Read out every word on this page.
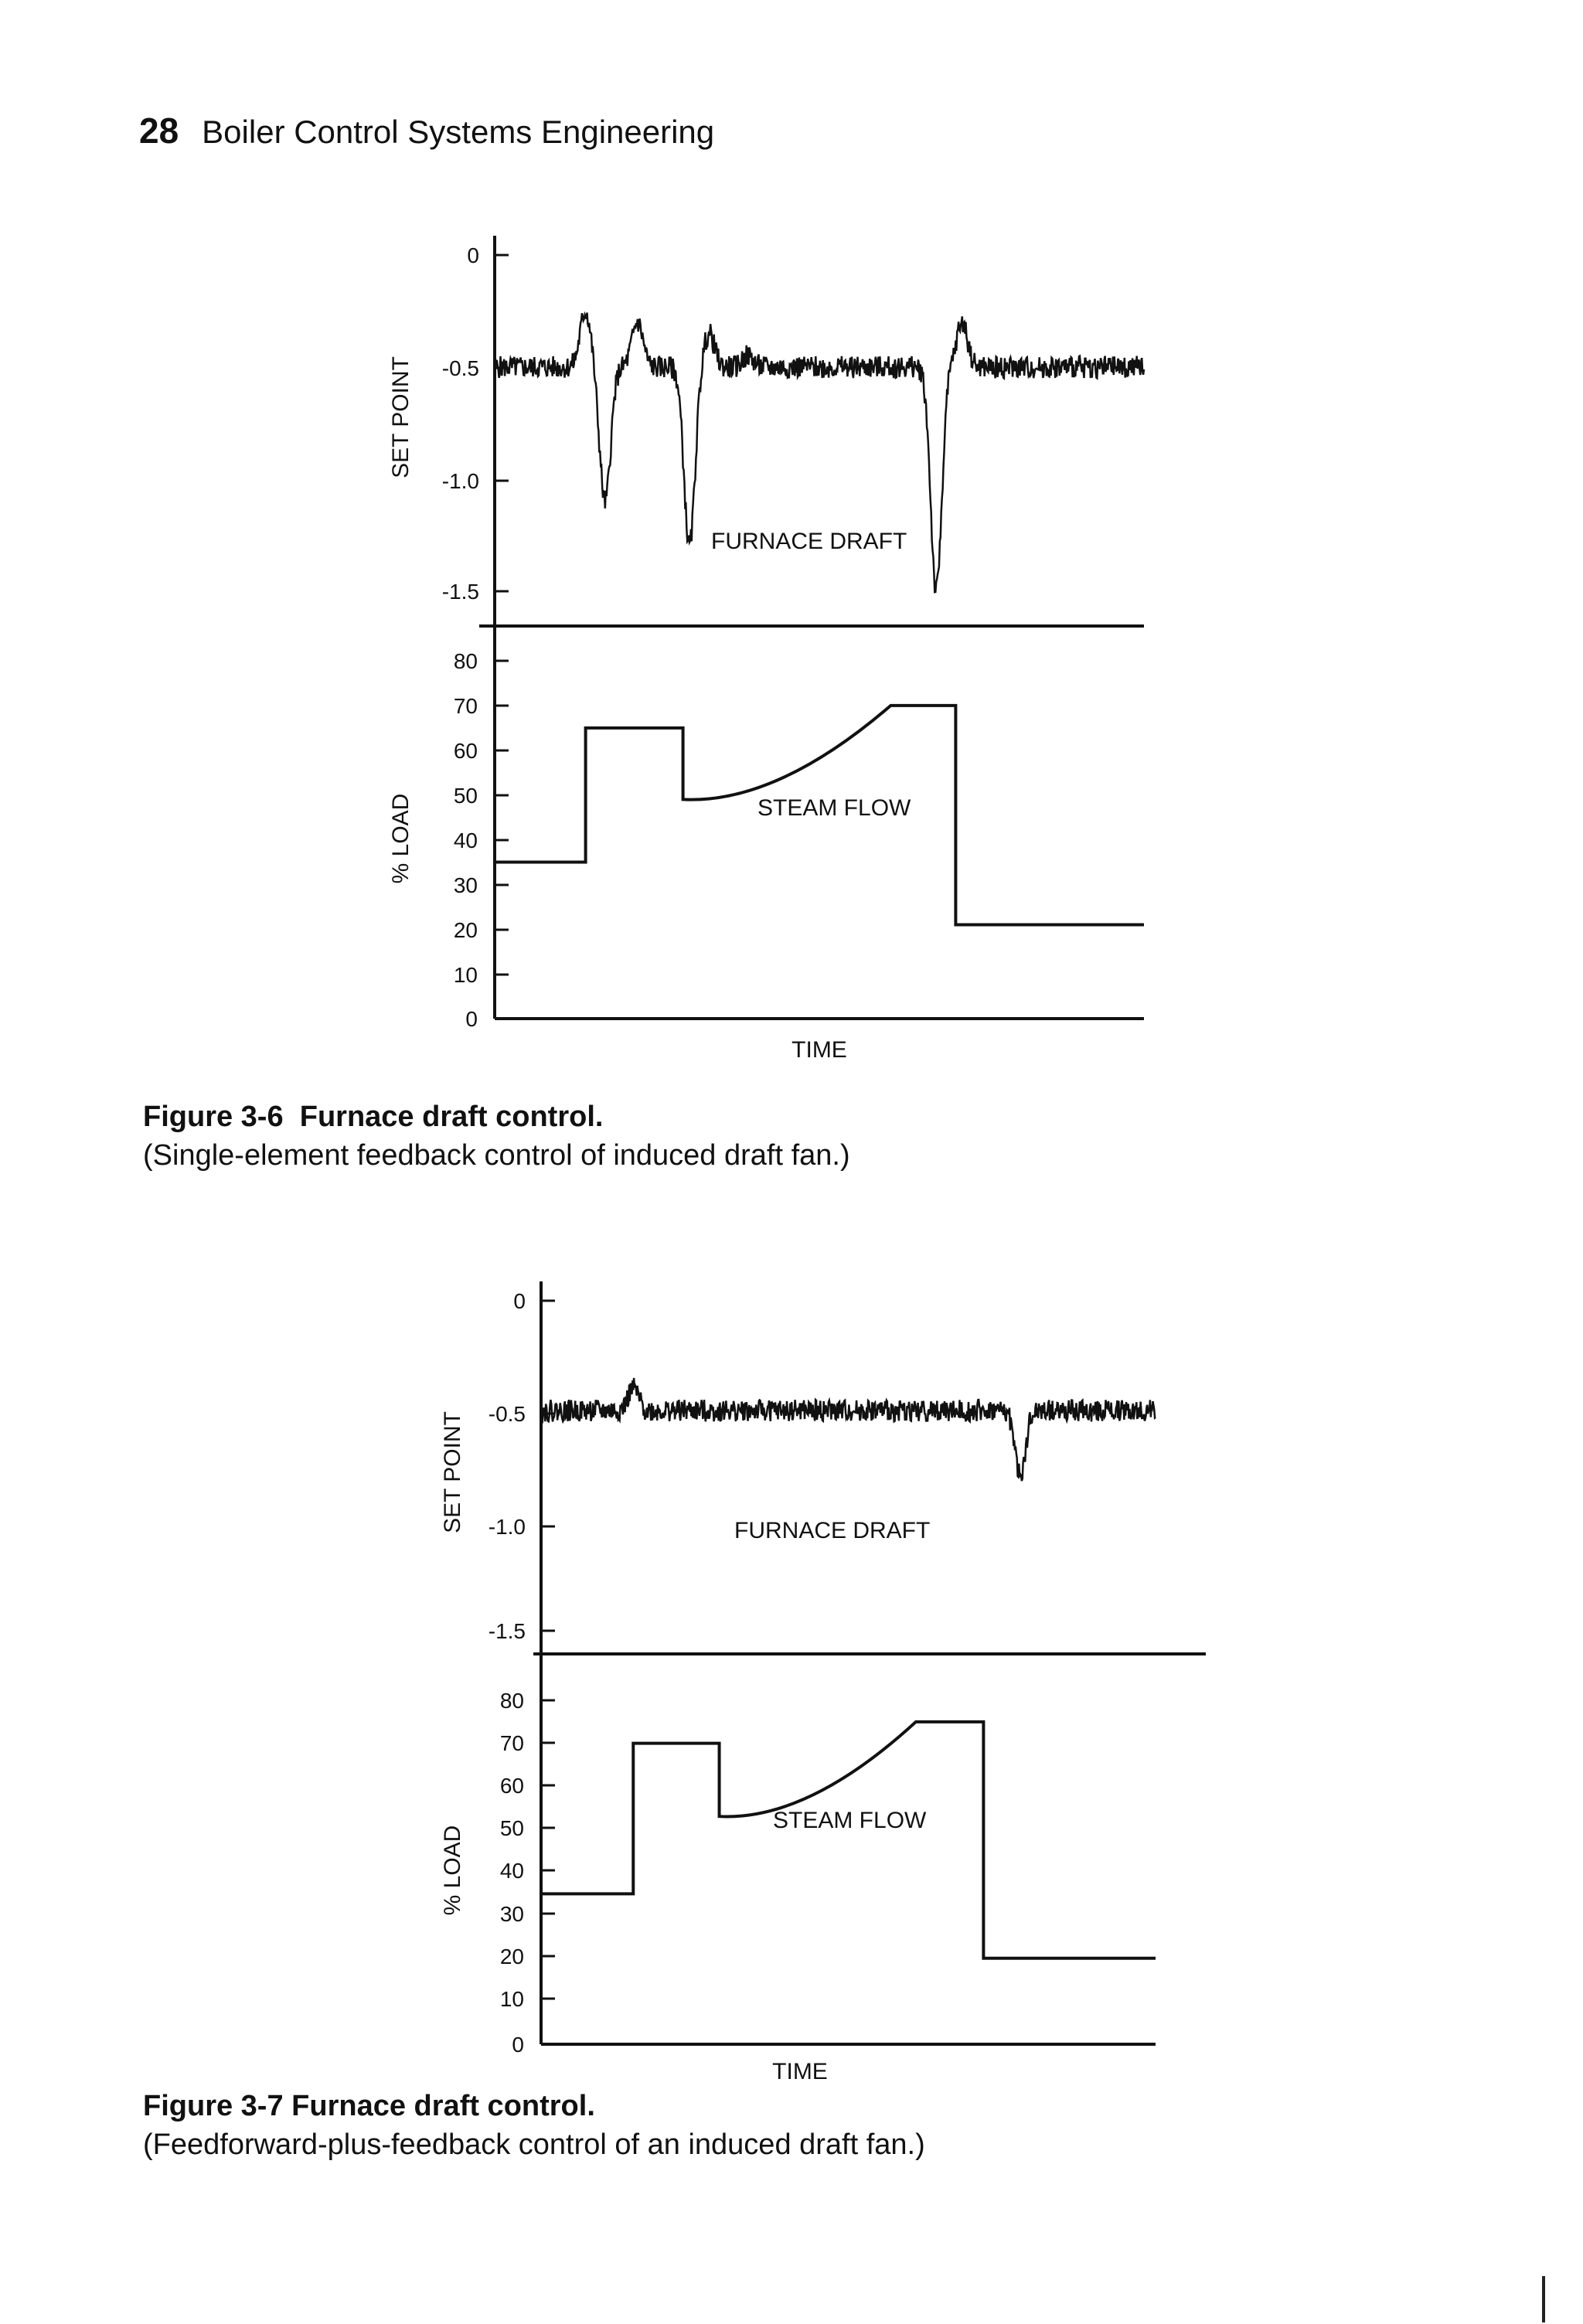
28 Boiler Control Systems Engineering
0
-0.5
-1.0
-1.5
80
70
60
50
40
30
20
10
0
SET POINT
% LOAD
FURNACE DRAFT
STEAM FLOW
TIME
Figure 3-6 Furnace draft control.
(Single-element feedback control of induced draft fan.)
0
-0.5
-1.0
-1.5
80
70
60
50
40
30
20
10
0
SET POINT
% LOAD
FURNACE DRAFT
STEAM FLOW
TIME
Figure 3-7 Furnace draft control.
(Feedforward-plus-feedback control of an induced draft fan.)
